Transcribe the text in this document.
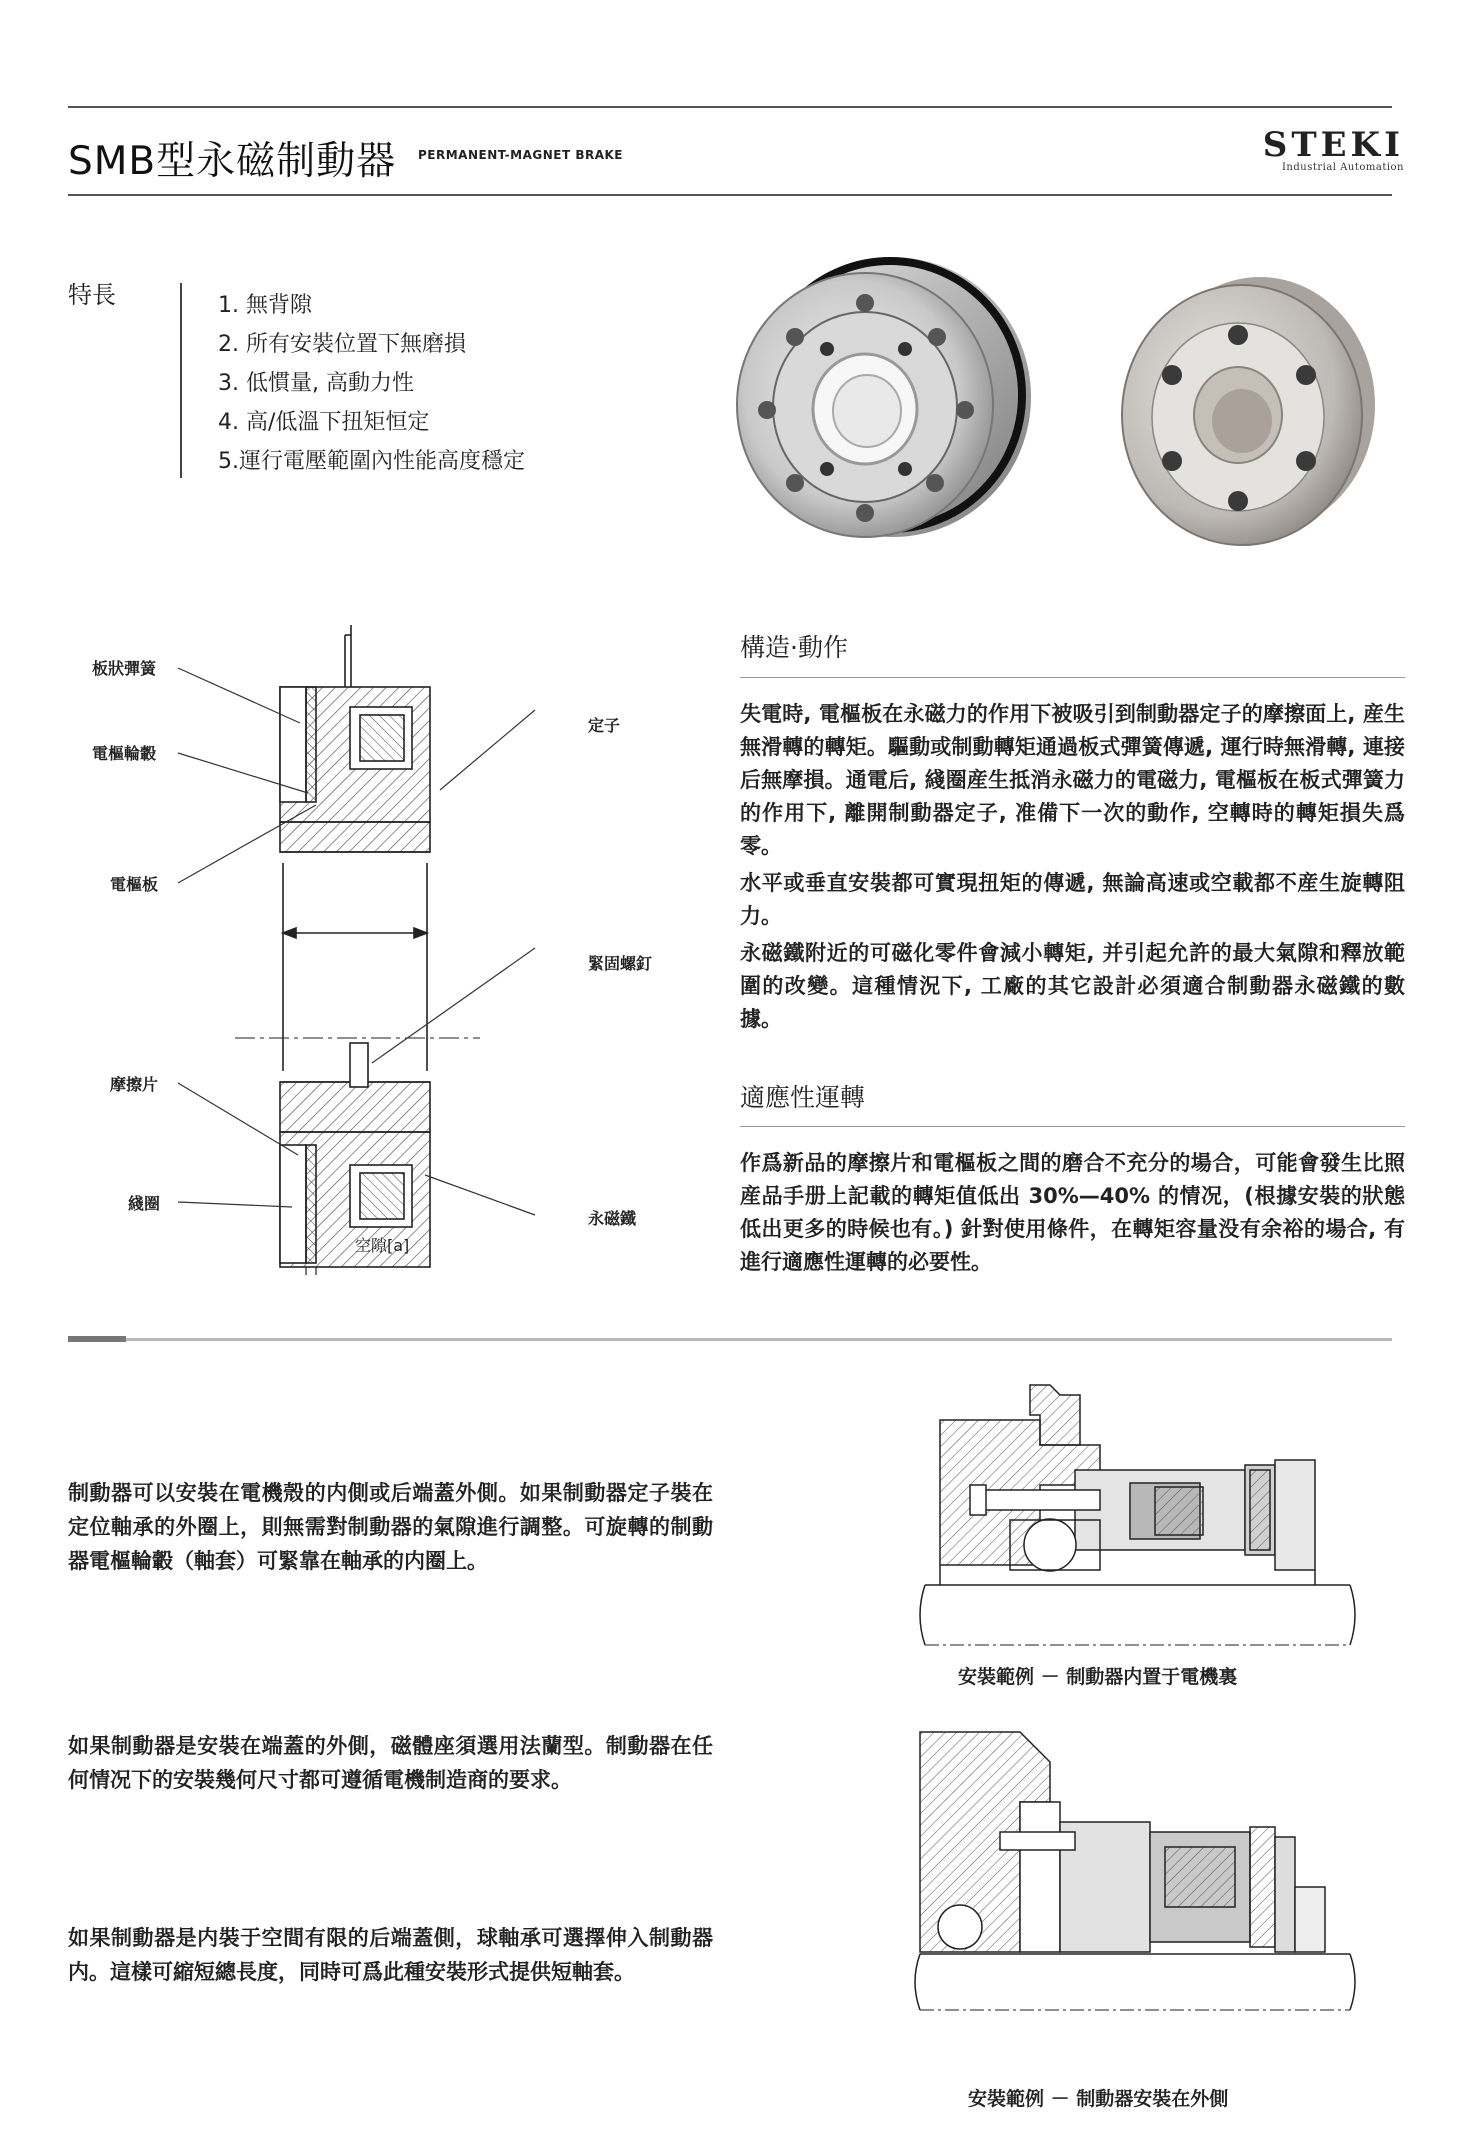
SMB型永磁制動器 PERMANENT-MAGNET BRAKE	STEKI
Industrial Automation
特長	1. 無背隙
2. 所有安裝位置下無磨損
3. 低慣量, 高動力性
4. 高/低溫下扭矩恒定
5.運行電壓範圍內性能高度穩定
板狀彈簧
電樞輪轂
電樞板
摩擦片
綫圈
定子
緊固螺釘
永磁鐵
空隙[a]
構造·動作

失電時, 電樞板在永磁力的作用下被吸引到制動器定子的摩擦面上, 産生無滑轉的轉矩。驅動或制動轉矩通過板式彈簧傳遞, 運行時無滑轉, 連接后無摩損。通電后, 綫圈産生抵消永磁力的電磁力, 電樞板在板式彈簧力的作用下, 離開制動器定子, 准備下一次的動作, 空轉時的轉矩損失爲零。

水平或垂直安裝都可實現扭矩的傳遞, 無論高速或空載都不産生旋轉阻力。

永磁鐵附近的可磁化零件會減小轉矩, 并引起允許的最大氣隙和釋放範圍的改變。這種情況下, 工廠的其它設計必須適合制動器永磁鐵的數據。

適應性運轉

作爲新品的摩擦片和電樞板之間的磨合不充分的場合，可能會發生比照産品手册上記載的轉矩值低出 30%—40% 的情况，(根據安裝的狀態低出更多的時候也有。) 針對使用條件，在轉矩容量没有余裕的場合, 有進行適應性運轉的必要性。

制動器可以安裝在電機殼的内側或后端蓋外側。如果制動器定子裝在定位軸承的外圈上，則無需對制動器的氣隙進行調整。可旋轉的制動器電樞輪轂（軸套）可緊靠在軸承的内圈上。

如果制動器是安裝在端蓋的外側，磁體座須選用法蘭型。制動器在任何情况下的安裝幾何尺寸都可遵循電機制造商的要求。

如果制動器是内裝于空間有限的后端蓋側，球軸承可選擇伸入制動器内。這樣可縮短總長度，同時可爲此種安裝形式提供短軸套。

安裝範例 － 制動器内置于電機裏
安裝範例 － 制動器安裝在外側
